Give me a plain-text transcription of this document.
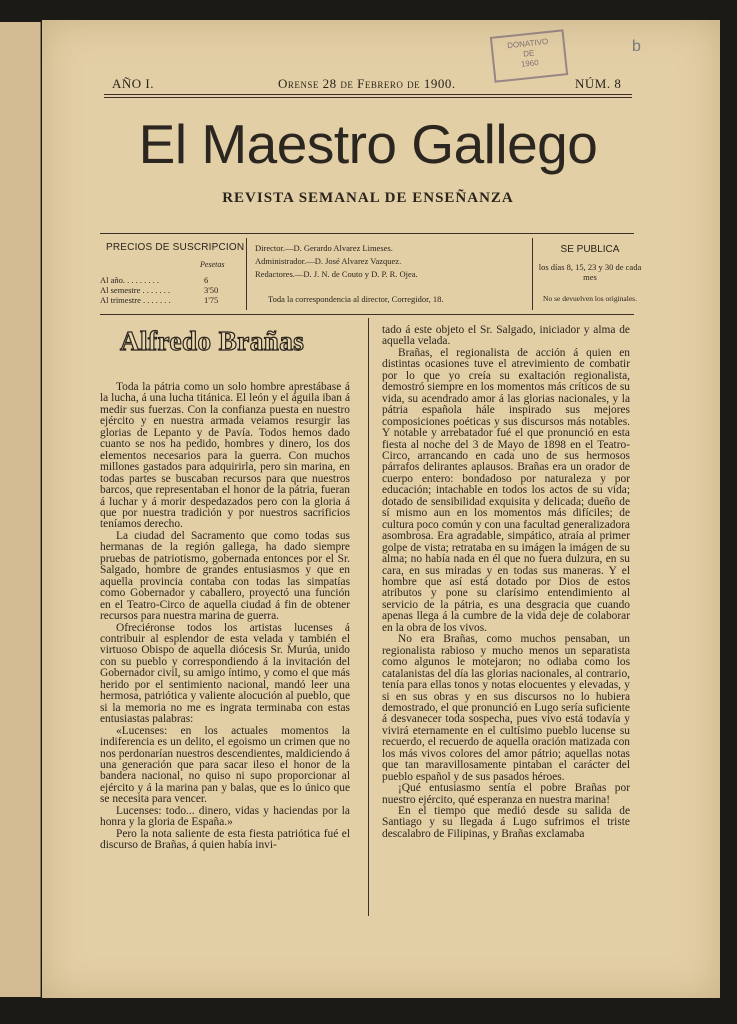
DONATIVO
DE
1960
b
AÑO I.	Orense 28 de Febrero de 1900.	NÚM. 8
El Maestro Gallego
REVISTA SEMANAL DE ENSEÑANZA
PRECIOS DE SUSCRIPCION
Pesetas
Al año. . . . . . . . .	6
Al semestre . . . . . . .	3'50
Al trimestre . . . . . . .	1'75
Director.—D. Gerardo Alvarez Limeses.
Administrador.—D. José Alvarez Vazquez.
Redactores.—D. J. N. de Couto y D. P. R. Ojea.
Toda la correspondencia al director, Corregidor, 18.
SE PUBLICA
los días 8, 15, 23 y 30 de cada mes
No se devuelven los originales.
Alfredo Brañas

Toda la pátria como un solo hombre aprestábase á la lucha, á una lucha titánica. El león y el águila iban á medir sus fuerzas. Con la confianza puesta en nuestro ejército y en nuestra armada veiamos resurgir las glorias de Lepanto y de Pavía. Todos hemos dado cuanto se nos ha pedido, hombres y dinero, los dos elementos necesarios para la guerra. Con muchos millones gastados para adquirirla, pero sin marina, en todas partes se buscaban recursos para que nuestros barcos, que representaban el honor de la pátria, fueran á luchar y á morir despedazados pero con la gloria á que por nuestra tradición y por nuestros sacrificios teníamos derecho.

La ciudad del Sacramento que como todas sus hermanas de la región gallega, ha dado siempre pruebas de patriotismo, gobernada entonces por el Sr. Salgado, hombre de grandes entusiasmos y que en aquella provincia contaba con todas las simpatías como Gobernador y caballero, proyectó una función en el Teatro-Circo de aquella ciudad á fin de obtener recursos para nuestra marina de guerra.

Ofreciéronse todos los artistas lucenses á contribuir al esplendor de esta velada y también el virtuoso Obispo de aquella diócesis Sr. Murúa, unido con su pueblo y correspondiendo á la invitación del Gobernador civil, su amigo íntimo, y como el que más herido por el sentimiento nacional, mandó leer una hermosa, patriótica y valiente alocución al pueblo, que si la memoria no me es ingrata terminaba con estas entusiastas palabras:

«Lucenses: en los actuales momentos la indiferencia es un delito, el egoismo un crimen que no nos perdonarían nuestros descendientes, maldiciendo á una generación que para sacar ileso el honor de la bandera nacional, no quiso ni supo proporcionar al ejército y á la marina pan y balas, que es lo único que se necesita para vencer.

Lucenses: todo... dinero, vidas y haciendas por la honra y la gloria de España.»

Pero la nota saliente de esta fiesta patriótica fué el discurso de Brañas, á quien había invi-

tado á este objeto el Sr. Salgado, iniciador y alma de aquella velada.

Brañas, el regionalista de acción á quien en distintas ocasiones tuve el atrevimiento de combatir por lo que yo creía su exaltación regionalista, demostró siempre en los momentos más críticos de su vida, su acendrado amor á las glorias nacionales, y la pátria española hále inspirado sus mejores composiciones poéticas y sus discursos más notables. Y notable y arrebatador fué el que pronunció en esta fiesta al noche del 3 de Mayo de 1898 en el Teatro-Circo, arrancando en cada uno de sus hermosos párrafos delirantes aplausos. Brañas era un orador de cuerpo entero: bondadoso por naturaleza y por educación; intachable en todos los actos de su vida; dotado de sensibilidad exquisita y delicada; dueño de sí mismo aun en los momentos más difíciles; de cultura poco común y con una facultad generalizadora asombrosa. Era agradable, simpático, atraía al primer golpe de vista; retrataba en su imágen la imágen de su alma; no había nada en él que no fuera dulzura, en su cara, en sus miradas y en todas sus maneras. Y el hombre que así está dotado por Dios de estos atributos y pone su clarísimo entendimiento al servicio de la pátria, es una desgracia que cuando apenas llega á la cumbre de la vida deje de colaborar en la obra de los vivos.

No era Brañas, como muchos pensaban, un regionalista rabioso y mucho menos un separatista como algunos le motejaron; no odiaba como los catalanistas del día las glorias nacionales, al contrario, tenía para ellas tonos y notas elocuentes y elevadas, y si en sus obras y en sus discursos no lo hubiera demostrado, el que pronunció en Lugo sería suficiente á desvanecer toda sospecha, pues vivo está todavía y vivirá eternamente en el cultísimo pueblo lucense su recuerdo, el recuerdo de aquella oración matizada con los más vivos colores del amor pátrio; aquellas notas que tan maravillosamente pintaban el carácter del pueblo español y de sus pasados héroes.

¡Qué entusiasmo sentía el pobre Brañas por nuestro ejército, qué esperanza en nuestra marina!

En el tiempo que medió desde su salida de Santiago y su llegada á Lugo sufrimos el triste descalabro de Filipinas, y Brañas exclamaba
